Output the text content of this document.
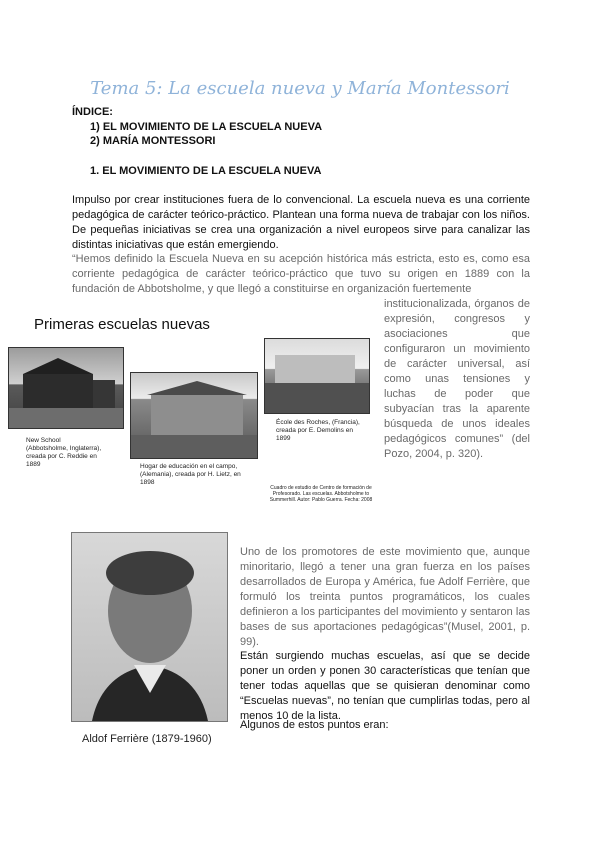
Tema 5: La escuela nueva y María Montessori
ÍNDICE:
1) EL MOVIMIENTO DE LA ESCUELA NUEVA
2) MARÍA MONTESSORI
1. EL MOVIMIENTO DE LA ESCUELA NUEVA
Impulso por crear instituciones fuera de lo convencional. La escuela nueva es una corriente pedagógica de carácter teórico-práctico. Plantean una forma nueva de trabajar con los niños. De pequeñas iniciativas se crea una organización a nivel europeos sirve para canalizar las distintas iniciativas que están emergiendo.
“Hemos definido la Escuela Nueva en su acepción histórica más estricta, esto es, como esa corriente pedagógica de carácter teórico-práctico que tuvo su origen en 1889 con la fundación de Abbotsholme, y que llegó a constituirse en organización fuertemente
institucionalizada, órganos de expresión, congresos y asociaciones que configuraron un movimiento de carácter universal, así como unas tensiones y luchas de poder que subyacían tras la aparente búsqueda de unos ideales pedagógicos comunes” (del Pozo, 2004, p. 320).
Primeras escuelas nuevas
New School (Abbotsholme, Inglaterra), creada por C. Reddie en 1889	Hogar de educación en el campo, (Alemania), creada por H. Lietz, en 1898
École des Roches, (Francia), creada por E. Demolins en 1899
Cuadro de estudio de Centro de formación de Profesorado. Las escuelas. Abbotsholme to Summerhill. Autor: Pablo Guerra. Fecha: 2008
Aldof Ferrière (1879-1960)
Uno de los promotores de este movimiento que, aunque minoritario, llegó a tener una gran fuerza en los países desarrollados de Europa y América, fue Adolf Ferrière, que formuló los treinta puntos programáticos, los cuales definieron a los participantes del movimiento y sentaron las bases de sus aportaciones pedagógicas”(Musel, 2001, p. 99).
Están surgiendo muchas escuelas, así que se decide poner un orden y ponen 30 características que tenían que tener todas aquellas que se quisieran denominar como “Escuelas nuevas”, no tenían que cumplirlas todas, pero al menos 10 de la lista.
Algunos de estos puntos eran:
